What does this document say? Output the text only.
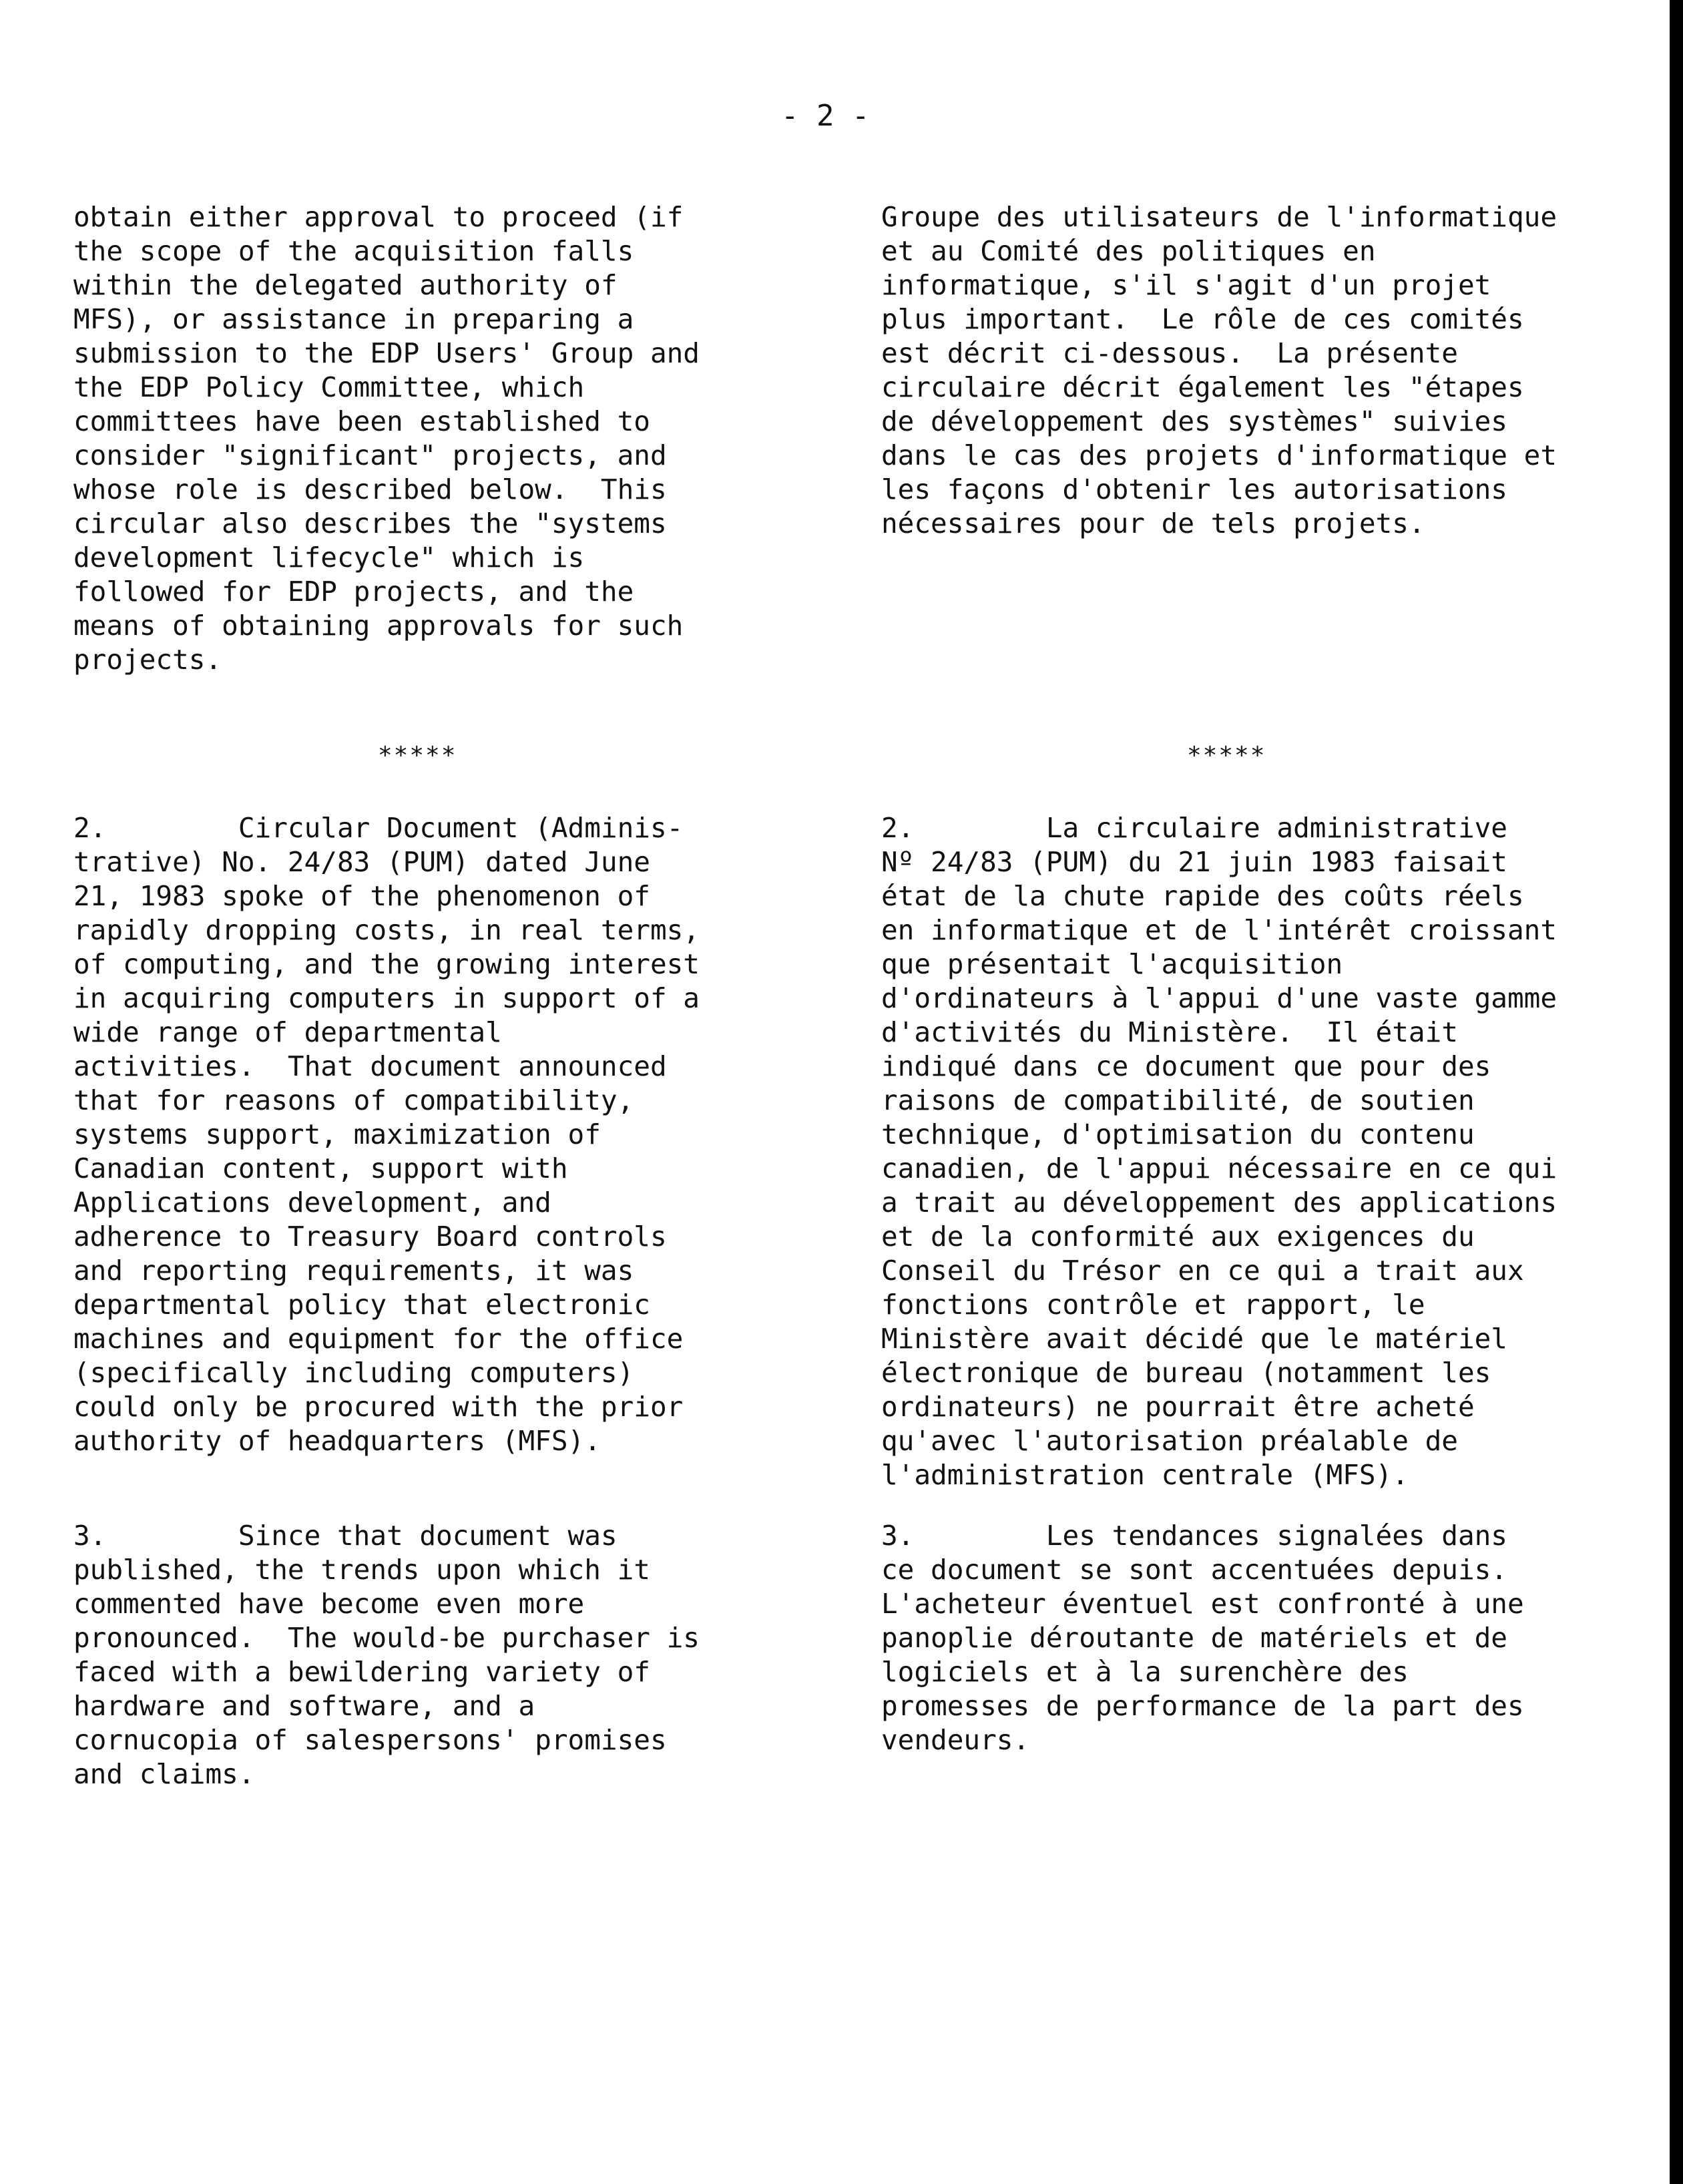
- 2 -

obtain either approval to proceed (if
the scope of the acquisition falls
within the delegated authority of
MFS), or assistance in preparing a
submission to the EDP Users' Group and
the EDP Policy Committee, which
committees have been established to
consider "significant" projects, and
whose role is described below.  This
circular also describes the "systems
development lifecycle" which is
followed for EDP projects, and the
means of obtaining approvals for such
projects.

*****

2.        Circular Document (Adminis-
trative) No. 24/83 (PUM) dated June
21, 1983 spoke of the phenomenon of
rapidly dropping costs, in real terms,
of computing, and the growing interest
in acquiring computers in support of a
wide range of departmental
activities.  That document announced
that for reasons of compatibility,
systems support, maximization of
Canadian content, support with
Applications development, and
adherence to Treasury Board controls
and reporting requirements, it was
departmental policy that electronic
machines and equipment for the office
(specifically including computers)
could only be procured with the prior
authority of headquarters (MFS).

3.        Since that document was
published, the trends upon which it
commented have become even more
pronounced.  The would-be purchaser is
faced with a bewildering variety of
hardware and software, and a
cornucopia of salespersons' promises
and claims.

Groupe des utilisateurs de l'informatique
et au Comité des politiques en
informatique, s'il s'agit d'un projet
plus important.  Le rôle de ces comités
est décrit ci-dessous.  La présente
circulaire décrit également les "étapes
de développement des systèmes" suivies
dans le cas des projets d'informatique et
les façons d'obtenir les autorisations
nécessaires pour de tels projets.

*****

2.        La circulaire administrative
Nº 24/83 (PUM) du 21 juin 1983 faisait
état de la chute rapide des coûts réels
en informatique et de l'intérêt croissant
que présentait l'acquisition
d'ordinateurs à l'appui d'une vaste gamme
d'activités du Ministère.  Il était
indiqué dans ce document que pour des
raisons de compatibilité, de soutien
technique, d'optimisation du contenu
canadien, de l'appui nécessaire en ce qui
a trait au développement des applications
et de la conformité aux exigences du
Conseil du Trésor en ce qui a trait aux
fonctions contrôle et rapport, le
Ministère avait décidé que le matériel
électronique de bureau (notamment les
ordinateurs) ne pourrait être acheté
qu'avec l'autorisation préalable de
l'administration centrale (MFS).

3.        Les tendances signalées dans
ce document se sont accentuées depuis.
L'acheteur éventuel est confronté à une
panoplie déroutante de matériels et de
logiciels et à la surenchère des
promesses de performance de la part des
vendeurs.
